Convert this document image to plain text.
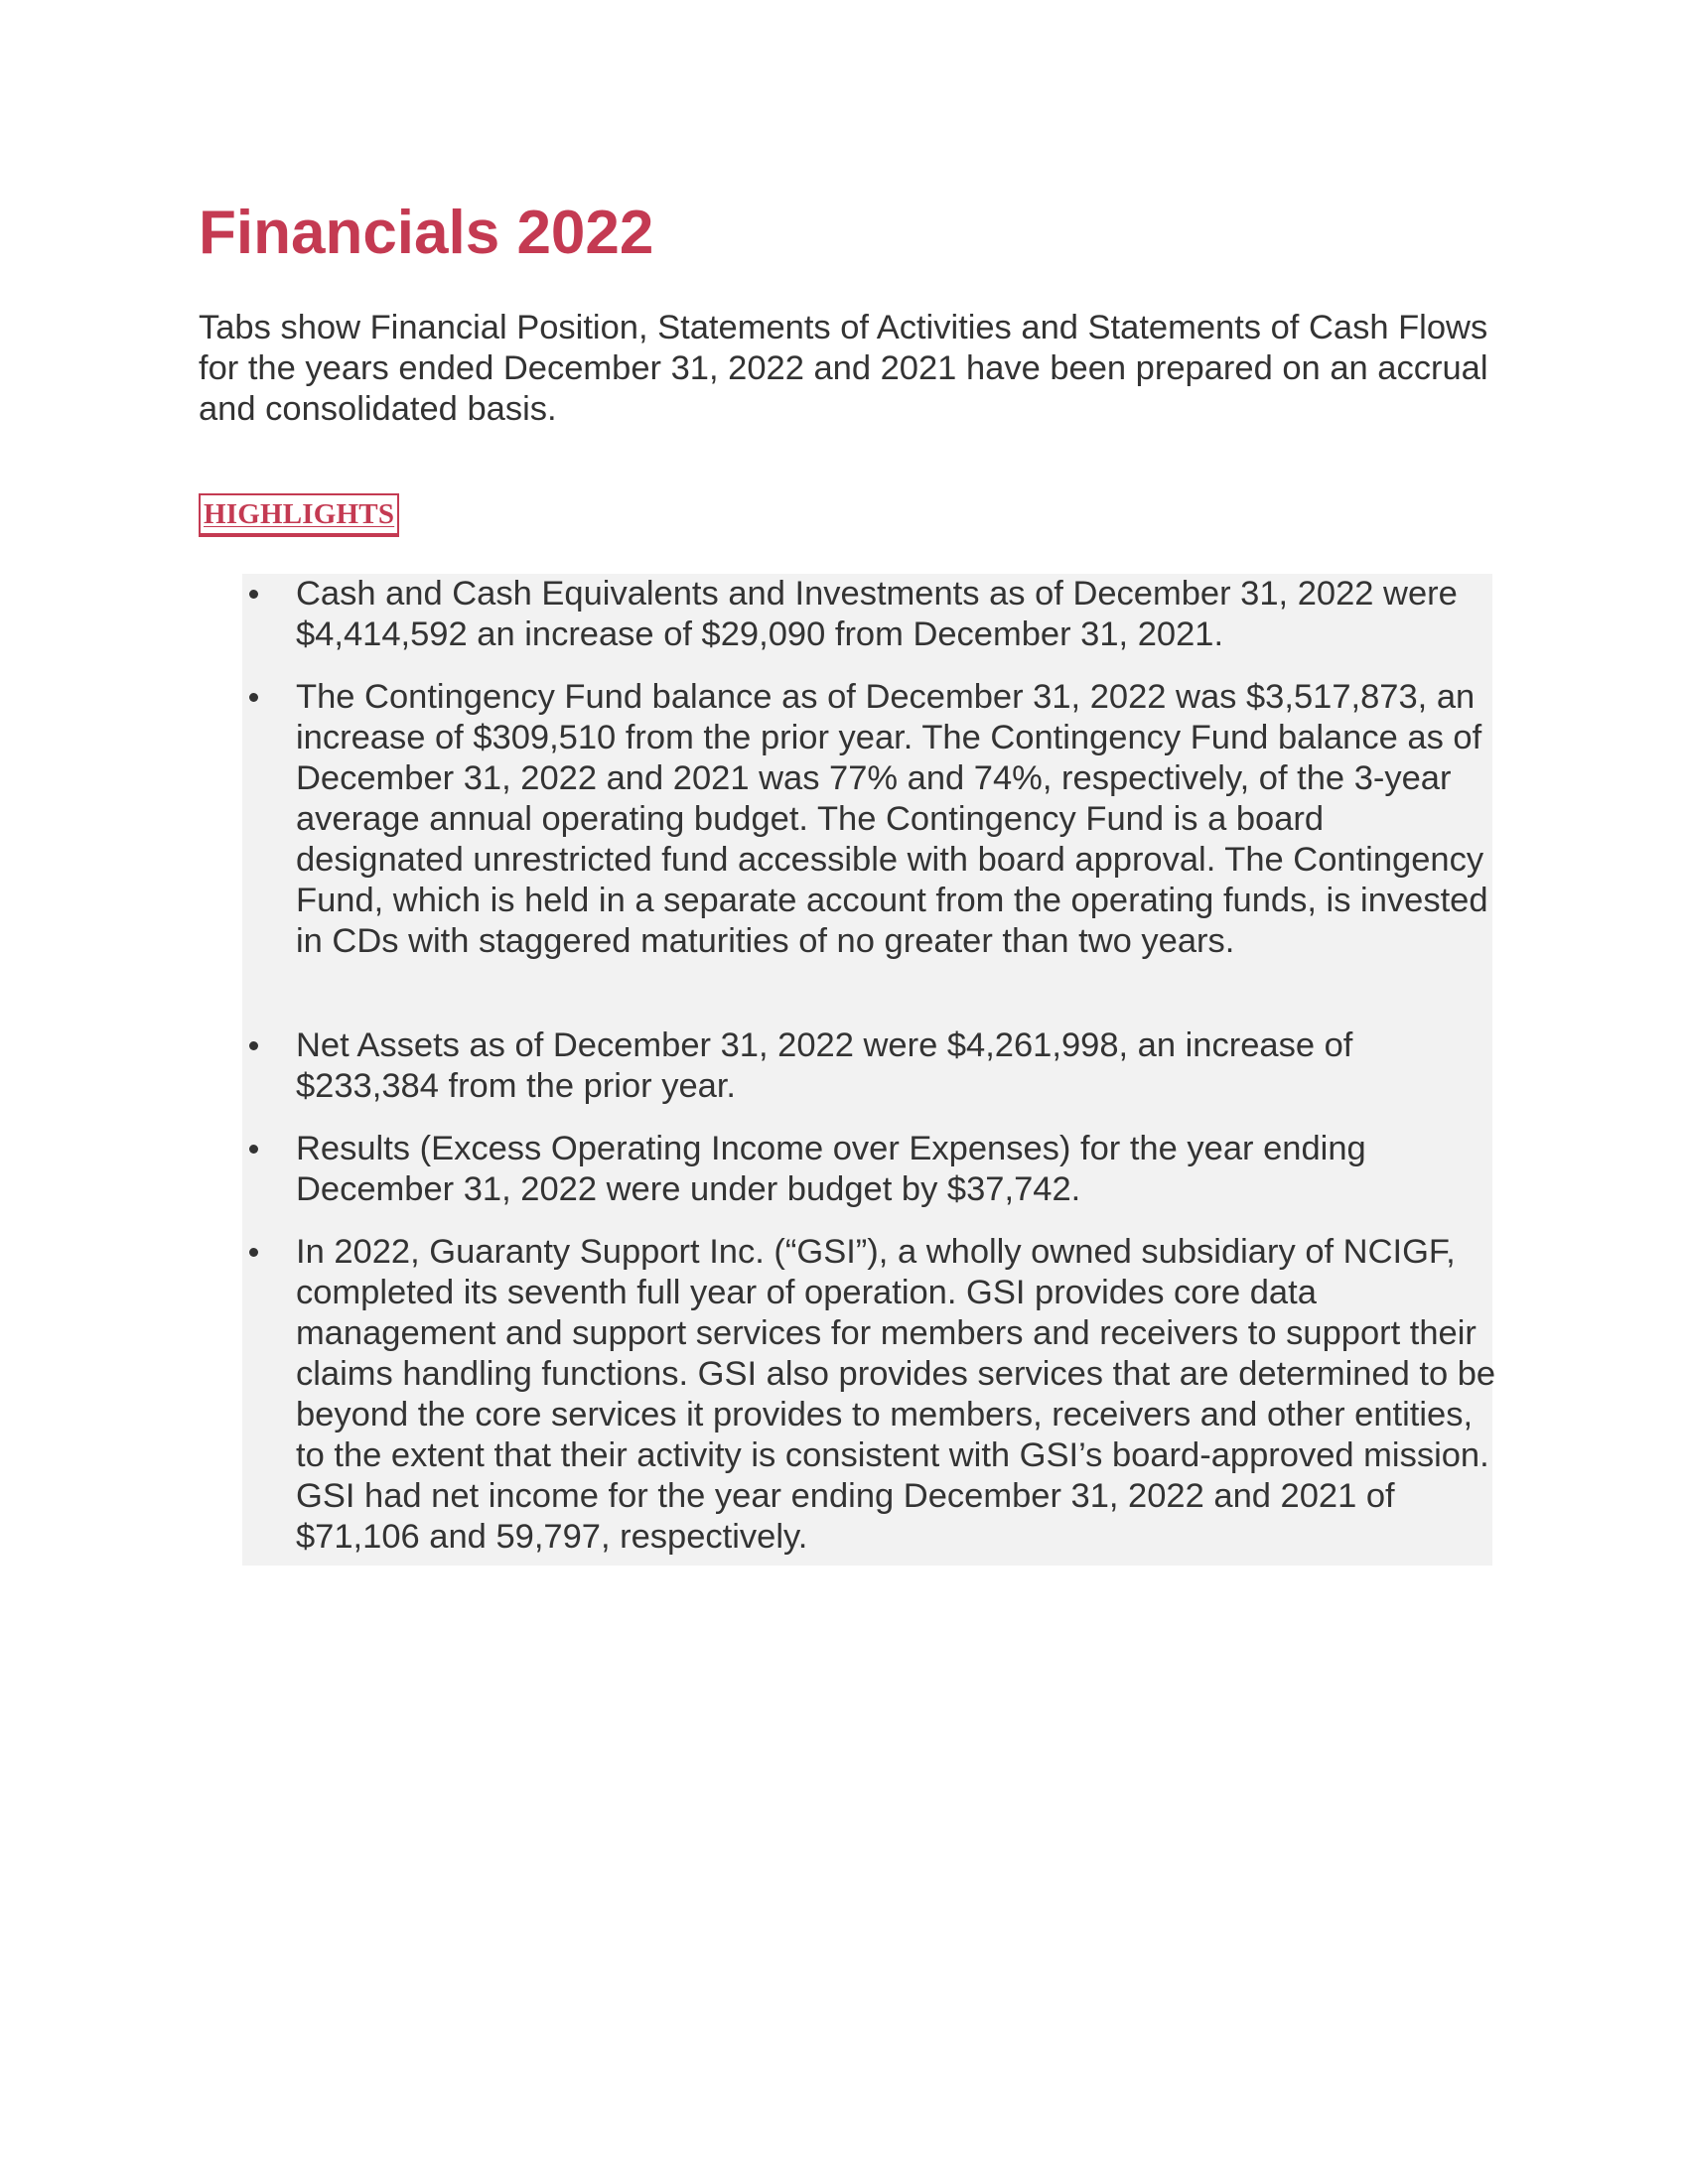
Financials 2022

Tabs show Financial Position, Statements of Activities and Statements of Cash Flows for the years ended December 31, 2022 and 2021 have been prepared on an accrual and consolidated basis.

HIGHLIGHTS
Cash and Cash Equivalents and Investments as of December 31, 2022 were $4,414,592 an increase of $29,090 from December 31, 2021.
The Contingency Fund balance as of December 31, 2022 was $3,517,873, an increase of $309,510 from the prior year. The Contingency Fund balance as of December 31, 2022 and 2021 was 77% and 74%, respectively, of the 3-year average annual operating budget. The Contingency Fund is a board designated unrestricted fund accessible with board approval. The Contingency Fund, which is held in a separate account from the operating funds, is invested in CDs with staggered maturities of no greater than two years.
Net Assets as of December 31, 2022 were $4,261,998, an increase of $233,384 from the prior year.
Results (Excess Operating Income over Expenses) for the year ending December 31, 2022 were under budget by $37,742.
In 2022, Guaranty Support Inc. (“GSI”), a wholly owned subsidiary of NCIGF, completed its seventh full year of operation. GSI provides core data management and support services for members and receivers to support their claims handling functions. GSI also provides services that are determined to be beyond the core services it provides to members, receivers and other entities, to the extent that their activity is consistent with GSI’s board-approved mission. GSI had net income for the year ending December 31, 2022 and 2021 of $71,106 and 59,797, respectively.
